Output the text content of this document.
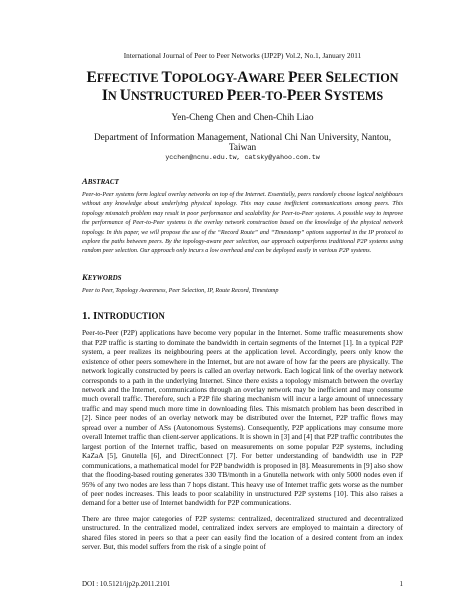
International Journal of Peer to Peer Networks (IJP2P) Vol.2, No.1, January 2011
EFFECTIVE TOPOLOGY-AWARE PEER SELECTION
IN UNSTRUCTURED PEER-TO-PEER SYSTEMS
Yen-Cheng Chen and Chen-Chih Liao
Department of Information Management, National Chi Nan University, Nantou, Taiwan
ycchen@ncnu.edu.tw, catsky@yahoo.com.tw
ABSTRACT
Peer-to-Peer systems form logical overlay networks on top of the Internet. Essentially, peers randomly choose logical neighbours without any knowledge about underlying physical topology. This may cause inefficient communications among peers. This topology mismatch problem may result in poor performance and scalability for Peer-to-Peer systems. A possible way to improve the performance of Peer-to-Peer systems is the overlay network construction based on the knowledge of the physical network topology. In this paper, we will propose the use of the “Record Route” and “Timestamp” options supported in the IP protocol to explore the paths between peers. By the topology-aware peer selection, our approach outperforms traditional P2P systems using random peer selection. Our approach only incurs a low overhead and can be deployed easily in various P2P systems.
KEYWORDS
Peer to Peer, Topology Awareness, Peer Selection, IP, Route Record, Timestamp
1. INTRODUCTION
Peer-to-Peer (P2P) applications have become very popular in the Internet. Some traffic measurements show that P2P traffic is starting to dominate the bandwidth in certain segments of the Internet [1]. In a typical P2P system, a peer realizes its neighbouring peers at the application level. Accordingly, peers only know the existence of other peers somewhere in the Internet, but are not aware of how far the peers are physically. The network logically constructed by peers is called an overlay network. Each logical link of the overlay network corresponds to a path in the underlying Internet. Since there exists a topology mismatch between the overlay network and the Internet, communications through an overlay network may be inefficient and may consume much overall traffic. Therefore, such a P2P file sharing mechanism will incur a large amount of unnecessary traffic and may spend much more time in downloading files. This mismatch problem has been described in [2]. Since peer nodes of an overlay network may be distributed over the Internet, P2P traffic flows may spread over a number of ASs (Autonomous Systems). Consequently, P2P applications may consume more overall Internet traffic than client-server applications. It is shown in [3] and [4] that P2P traffic contributes the largest portion of the Internet traffic, based on measurements on some popular P2P systems, including KaZaA [5], Gnutella [6], and DirectConnect [7]. For better understanding of bandwidth use in P2P communications, a mathematical model for P2P bandwidth is proposed in [8]. Measurements in [9] also show that the flooding-based routing generates 330 TB/month in a Gnutella network with only 5000 nodes even if 95% of any two nodes are less than 7 hops distant. This heavy use of Internet traffic gets worse as the number of peer nodes increases. This leads to poor scalability in unstructured P2P systems [10]. This also raises a demand for a better use of Internet bandwidth for P2P communications.
There are three major categories of P2P systems: centralized, decentralized structured and decentralized unstructured. In the centralized model, centralized index servers are employed to maintain a directory of shared files stored in peers so that a peer can easily find the location of a desired content from an index server. But, this model suffers from the risk of a single point of
DOI : 10.5121/ijp2p.2011.2101	1
